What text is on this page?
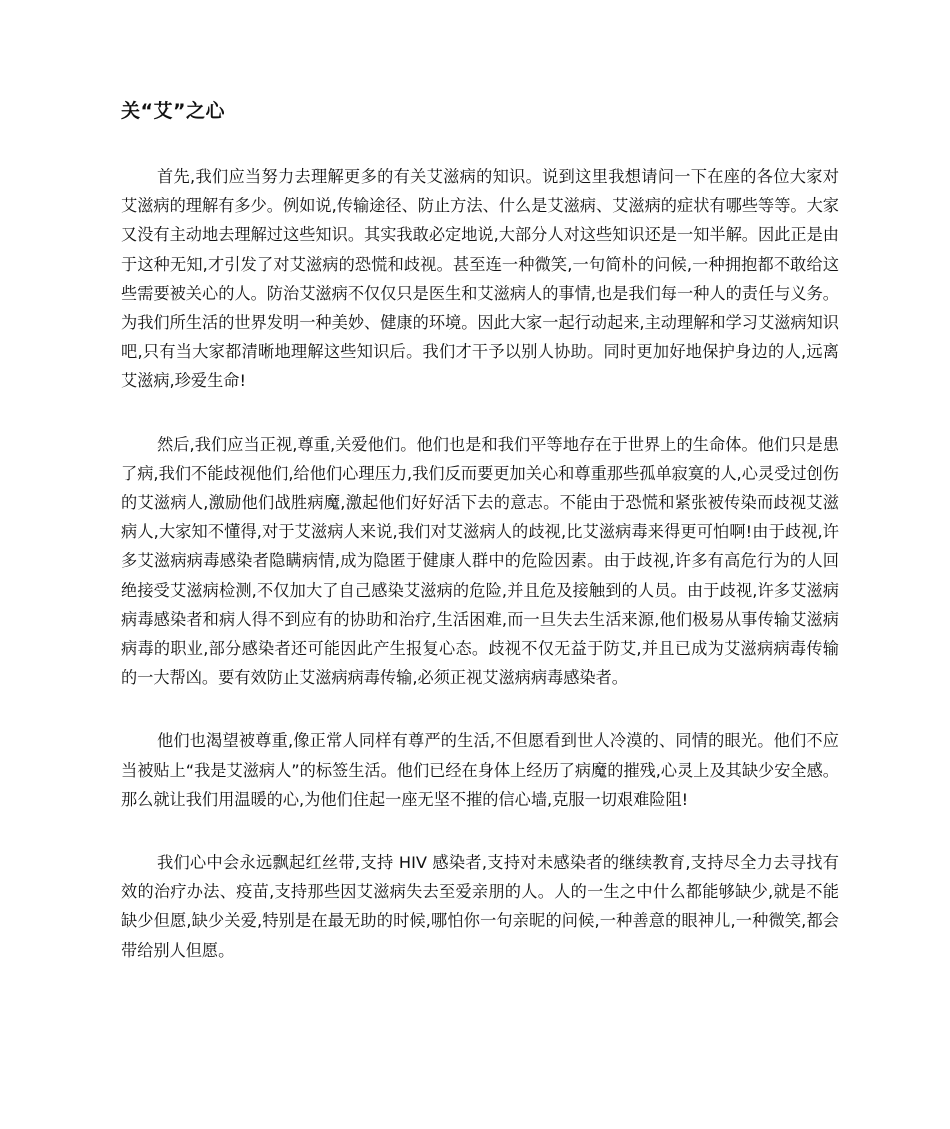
关“艾”之心

首先,我们应当努力去理解更多的有关艾滋病的知识。说到这里我想请问一下在座的各位大家对艾滋病的理解有多少。例如说,传输途径、防止方法、什么是艾滋病、艾滋病的症状有哪些等等。大家又没有主动地去理解过这些知识。其实我敢必定地说,大部分人对这些知识还是一知半解。因此正是由于这种无知,才引发了对艾滋病的恐慌和歧视。甚至连一种微笑,一句简朴的问候,一种拥抱都不敢给这些需要被关心的人。防治艾滋病不仅仅只是医生和艾滋病人的事情,也是我们每一种人的责任与义务。为我们所生活的世界发明一种美妙、健康的环境。因此大家一起行动起来,主动理解和学习艾滋病知识吧,只有当大家都清晰地理解这些知识后。我们才干予以别人协助。同时更加好地保护身边的人,远离艾滋病,珍爱生命!

然后,我们应当正视,尊重,关爱他们。他们也是和我们平等地存在于世界上的生命体。他们只是患了病,我们不能歧视他们,给他们心理压力,我们反而要更加关心和尊重那些孤单寂寞的人,心灵受过创伤的艾滋病人,激励他们战胜病魔,激起他们好好活下去的意志。不能由于恐慌和紧张被传染而歧视艾滋病人,大家知不懂得,对于艾滋病人来说,我们对艾滋病人的歧视,比艾滋病毒来得更可怕啊!由于歧视,许多艾滋病病毒感染者隐瞒病情,成为隐匿于健康人群中的危险因素。由于歧视,许多有高危行为的人回绝接受艾滋病检测,不仅加大了自己感染艾滋病的危险,并且危及接触到的人员。由于歧视,许多艾滋病病毒感染者和病人得不到应有的协助和治疗,生活困难,而一旦失去生活来源,他们极易从事传输艾滋病病毒的职业,部分感染者还可能因此产生报复心态。歧视不仅无益于防艾,并且已成为艾滋病病毒传输的一大帮凶。要有效防止艾滋病病毒传输,必须正视艾滋病病毒感染者。

他们也渴望被尊重,像正常人同样有尊严的生活,不但愿看到世人冷漠的、同情的眼光。他们不应当被贴上“我是艾滋病人”的标签生活。他们已经在身体上经历了病魔的摧残,心灵上及其缺少安全感。那么就让我们用温暖的心,为他们住起一座无坚不摧的信心墙,克服一切艰难险阻!

我们心中会永远飘起红丝带,支持 HIV 感染者,支持对未感染者的继续教育,支持尽全力去寻找有效的治疗办法、疫苗,支持那些因艾滋病失去至爱亲朋的人。人的一生之中什么都能够缺少,就是不能缺少但愿,缺少关爱,特别是在最无助的时候,哪怕你一句亲昵的问候,一种善意的眼神儿,一种微笑,都会带给别人但愿。
